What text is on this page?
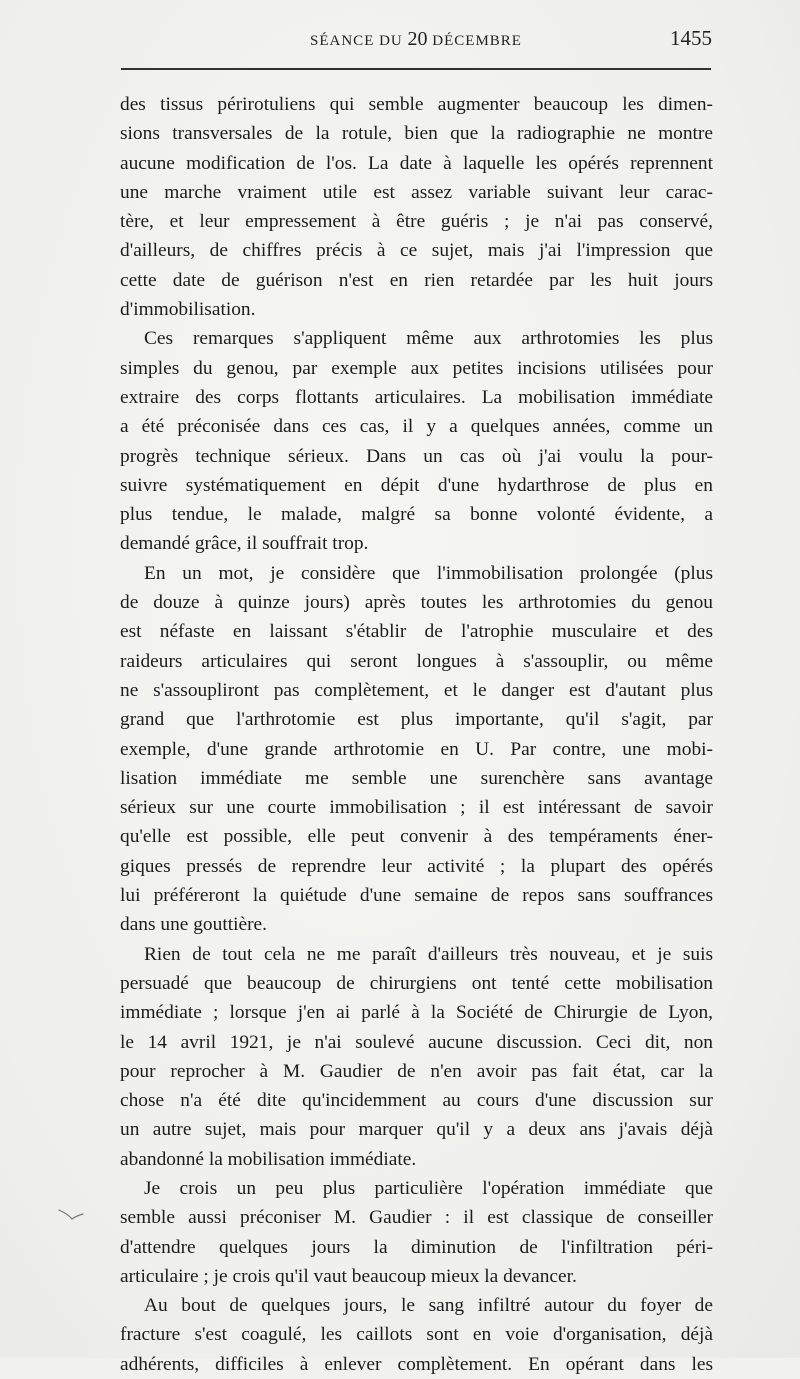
SÉANCE DU 20 DÉCEMBRE	1455

des tissus périrotuliens qui semble augmenter beaucoup les dimen-
sions transversales de la rotule, bien que la radiographie ne montre
aucune modification de l'os. La date à laquelle les opérés reprennent
une marche vraiment utile est assez variable suivant leur carac-
tère, et leur empressement à être guéris ; je n'ai pas conservé,
d'ailleurs, de chiffres précis à ce sujet, mais j'ai l'impression que
cette date de guérison n'est en rien retardée par les huit jours
d'immobilisation.

Ces remarques s'appliquent même aux arthrotomies les plus
simples du genou, par exemple aux petites incisions utilisées pour
extraire des corps flottants articulaires. La mobilisation immédiate
a été préconisée dans ces cas, il y a quelques années, comme un
progrès technique sérieux. Dans un cas où j'ai voulu la pour-
suivre systématiquement en dépit d'une hydarthrose de plus en
plus tendue, le malade, malgré sa bonne volonté évidente, a
demandé grâce, il souffrait trop.

En un mot, je considère que l'immobilisation prolongée (plus
de douze à quinze jours) après toutes les arthrotomies du genou
est néfaste en laissant s'établir de l'atrophie musculaire et des
raideurs articulaires qui seront longues à s'assouplir, ou même
ne s'assoupliront pas complètement, et le danger est d'autant plus
grand que l'arthrotomie est plus importante, qu'il s'agit, par
exemple, d'une grande arthrotomie en U. Par contre, une mobi-
lisation immédiate me semble une surenchère sans avantage
sérieux sur une courte immobilisation ; il est intéressant de savoir
qu'elle est possible, elle peut convenir à des tempéraments éner-
giques pressés de reprendre leur activité ; la plupart des opérés
lui préféreront la quiétude d'une semaine de repos sans souffrances
dans une gouttière.

Rien de tout cela ne me paraît d'ailleurs très nouveau, et je suis
persuadé que beaucoup de chirurgiens ont tenté cette mobilisation
immédiate ; lorsque j'en ai parlé à la Société de Chirurgie de Lyon,
le 14 avril 1921, je n'ai soulevé aucune discussion. Ceci dit, non
pour reprocher à M. Gaudier de n'en avoir pas fait état, car la
chose n'a été dite qu'incidemment au cours d'une discussion sur
un autre sujet, mais pour marquer qu'il y a deux ans j'avais déjà
abandonné la mobilisation immédiate.

Je crois un peu plus particulière l'opération immédiate que
semble aussi préconiser M. Gaudier : il est classique de conseiller
d'attendre quelques jours la diminution de l'infiltration péri-
articulaire ; je crois qu'il vaut beaucoup mieux la devancer.

Au bout de quelques jours, le sang infiltré autour du foyer de
fracture s'est coagulé, les caillots sont en voie d'organisation, déjà
adhérents, difficiles à enlever complètement. En opérant dans les
